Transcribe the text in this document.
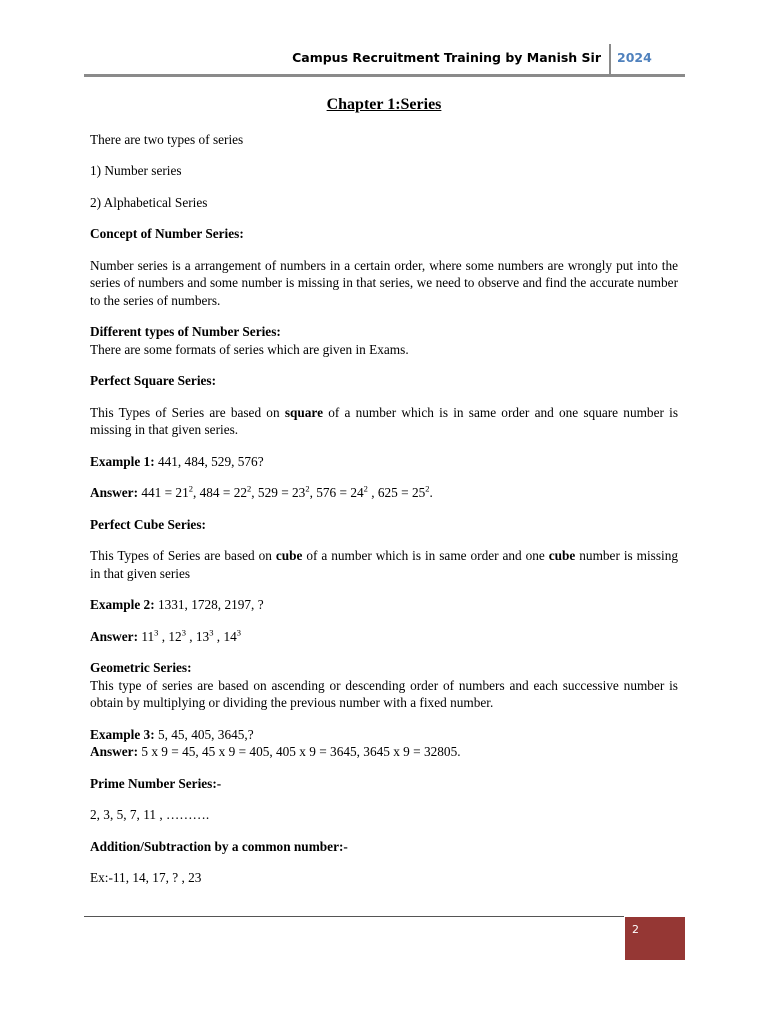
Campus Recruitment Training by Manish Sir 2024

Chapter 1:Series

There are two types of series

1) Number series

2) Alphabetical Series

Concept of Number Series:

Number series is a arrangement of numbers in a certain order, where some numbers are wrongly put into the series of numbers and some number is missing in that series, we need to observe and find the accurate number to the series of numbers.

Different types of Number Series:

There are some formats of series which are given in Exams.

Perfect Square Series:

This Types of Series are based on square of a number which is in same order and one square number is missing in that given series.

Example 1: 441, 484, 529, 576?

Answer: $441 = 21^2$, $484 = 22^2$, $529 = 23^2$, $576 = 24^2$ , $625 = 25^2$.

Perfect Cube Series:

This Types of Series are based on cube of a number which is in same order and one cube number is missing in that given series

Example 2: 1331, 1728, 2197, ?

Answer: $11^3$ , $12^3$ , $13^3$ , $14^3$

Geometric Series:

This type of series are based on ascending or descending order of numbers and each successive number is obtain by multiplying or dividing the previous number with a fixed number.

Example 3: 5, 45, 405, 3645,?

Answer: 5 x 9 = 45, 45 x 9 = 405, 405 x 9 = 3645, 3645 x 9 = 32805.

Prime Number Series:-

2, 3, 5, 7, 11 , ……….

Addition/Subtraction by a common number:-

Ex:-11, 14, 17, ? , 23

2
